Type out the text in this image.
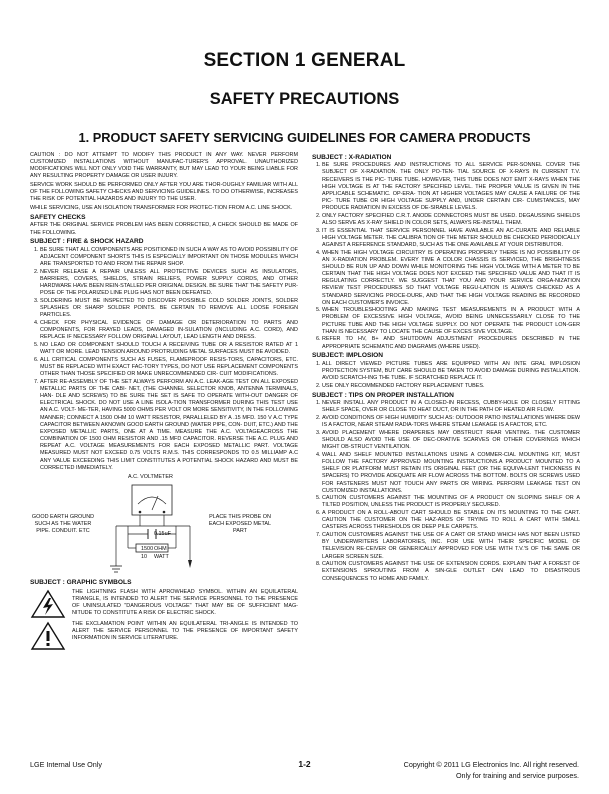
SECTION 1 GENERAL
SAFETY PRECAUTIONS
1. PRODUCT SAFETY SERVICING GUIDELINES FOR CAMERA PRODUCTS

CAUTION : DO NOT ATTEMPT TO MODIFY THIS PRODUCT IN ANY WAY. NEVER PERFORM CUSTOMIZED INSTALLATIONS WITHOUT MANUFAC-TURER'S APPROVAL. UNAUTHORIZED MODIFICATIONS WILL NOT ONLY VOID THE WARRANTY, BUT MAY LEAD TO YOUR BEING LIABLE FOR ANY RESULTING PROPERTY DAMAGE OR USER INJURY.

SERVICE WORK SHOULD BE PERFORMED ONLY AFTER YOU ARE THOR-OUGHLY FAMILIAR WITH ALL OF THE FOLLOWING SAFETY CHECKS AND SERVICING GUIDELINES. TO DO OTHERWISE, INCREASES THE RISK OF POTENTIAL HAZARDS AND INJURY TO THE USER.

WHILE SERVICING, USE AN ISOLATION TRANSFORMER FOR PROTEC-TION FROM A.C. LINE SHOCK.

SAFETY CHECKS

AFTER THE ORIGINAL SERVICE PROBLEM HAS BEEN CORRECTED, A CHECK SHOULD BE MADE OF THE FOLLOWING.

SUBJECT : FIRE & SHOCK HAZARD
1. BE SURE THAT ALL COMPONENTS ARE POSITIONED IN SUCH A WAY AS TO AVOID POSSIBILITY OF ADJACENT COMPONENT SHORTS THIS IS ESPECIALLY IMPORTANT ON THOSE MODULES WHICH ARE TRANSPORTED TO AND FROM THE REPAIR SHOP.
2. NEVER RELEASE A REPAIR UNLESS ALL PROTECTIVE DEVICES SUCH AS INSULATORS, BARRIERS, COVERS, SHIELDS, STRAIN RELIEFS, POWER SUPPLY CORDS, AND OTHER HARDWARE HAVE BEEN REIN-STALLED PER ORIGINAL DESIGN. BE SURE THAT THE SAFETY PUR-POSE OF THE POLARIZED LINE PLUG HAS NOT BEEN DEFEATED.
3. SOLDERING MUST BE INSPECTED TO DISCOVER POSSIBLE COLD SOLDER JOINTS, SOLDER SPLASHES OR SHARP SOLDER POINTS. BE CERTAIN TO REMOVE ALL LOOSE FOREIGN PARTICLES.
4. CHECK FOR PHYSICAL EVIDENCE OF DAMAGE OR DETERIORATION TO PARTS AND COMPONENTS, FOR FRAYED LEADS, DAMAGED IN-SULATION (INCLUDING A.C. CORD), AND REPLACE IF NECESSARY FOLLOW ORIGINAL LAYOUT, LEAD LENGTH AND DRESS.
5. NO LEAD OR COMPONENT SHOULD TOUCH A RECEIVING TUBE OR A RESISTOR RATED AT 1 WATT OR MORE. LEAD TENSION AROUND PROTRUDING METAL SURFACES MUST BE AVOIDED.
6. ALL CRITICAL COMPONENTS SUCH AS FUSES, FLAMEPROOF RESIS-TORS, CAPACITORS, ETC. MUST BE REPLACED WITH EXACT FAC-TORY TYPES, DO NOT USE REPLACEMENT COMPONENTS OTHER THAN THOSE SPECIFIED OR MAKE UNRECOMMENDED CIR- CUIT MODIFICATIONS.
7. AFTER RE-ASSEMBLY OF THE SET ALWAYS PERFORM AN A.C. LEAK-AGE TEST ON ALL EXPOSED METALLIC PARTS OF THE CABI- NET, (THE CHANNEL SELECTOR KNOB, ANTENNA TERMINALS, HAN- DLE AND SCREWS) TO BE SURE THE SET IS SAFE TO OPERATE WITH-OUT DANGER OF ELECTRICAL SHOCK. DO NOT USE A LINE ISOLA-TION TRANSFORMER DURING THIS TEST USE AN A.C. VOLT- ME-TER, HAVING 5000 OHMS PER VOLT OR MORE SENSITIVITY, IN THE FOLLOWING MANNER; CONNECT A 1500 OHM 10 WATT RESISTOR, PARALLELED BY A .15 MFD. 150 V A.C TYPE CAPACITOR BETWEEN AKNOWN GOOD EARTH GROUND (WATER PIPE, CON- DUIT, ETC.) AND THE EXPOSED METALLIC PARTS, ONE AT A TIME. MEASURE THE A.C. VOLTAGEACROSS THE COMBINATION OF 1500 OHM RESISTOR AND .15 MFD CAPACITOR. REVERSE THE A.C. PLUG AND REPEAT A.C. VOLTAGE MEASUREMENTS FOR EACH EXPOSED METALLIC PART. VOLTAGE MEASURED MUST NOT EXCEED 0.75 VOLTS R.M.S. THIS CORRESPONDS TO 0.5 MILLIAMP A.C ANY VALUE EXCEEDING THIS LIMIT CONSTITUTES A POTENTIAL SHOCK HAZARD AND MUST BE CORRECTED IMMEDIATELY.
A.C. VOLTMETER
GOOD EARTH GROUND SUCH AS THE WATER PIPE. CONDUIT. ETC
PLACE THIS PROBE ON EACH EXPOSED METAL PART
0.15uF
1500 OHM
10 WATT
SUBJECT : GRAPHIC SYMBOLS
THE LIGHTNING FLASH WITH APROWHEAD SYMBOL. WITHIN AN EQUILATERAL TRIANGLE, IS INTENDED TO ALERT THE SERVICE PERSONNEL TO THE PRESENCE OF UNINSULATED "DANGEROUS VOLTAGE" THAT MAY BE OF SUFFICIENT MAG-NITUDE TO CONSTITUTE A RISK OF ELECTRIC SHOCK.
THE EXCLAMATION POINT WITHIN AN EQUILATERAL TRI-ANGLE IS INTENDED TO ALERT THE SERVICE PERSONNEL TO THE PRESENCE OF IMPORTANT SAFETY INFORMATION IN SERVICE LITERATURE.
SUBJECT : X-RADIATION
1. BE SURE PROCEDURES AND INSTRUCTIONS TO ALL SERVICE PER-SONNEL COVER THE SUBJECT OF X-RADIATION. THE ONLY PO-TEN- TIAL SOURCE OF X-RAYS IN CURRENT T.V. RECEIVERS IS THE PIC- TURE TUBE. HOWEVER, THIS TUBE DOES NOT EMIT X-RAYS WHEN THE HIGH VOLTAGE IS AT THE FACTORY SPECIFIED LEVEL. THE PROPER VALUE IS GIVEN IN THE APPLICABLE SCHEMATIC. OP-ERA- TION AT HIGHER VOLTAGES MAY CAUSE A FAILURE OF THE PIC- TURE TUBE OR HIGH VOLTAGE SUPPLY AND, UNDER CERTAIN CIR- CUMSTANCES, MAY PRODUCE RADIATION IN EXCESS OF DE-SIRABLE LEVELS.
2. ONLY FACTORY SPECIFIED C.R.T. ANODE CONNECTORS MUST BE USED. DEGAUSSING SHIELDS ALSO SERVE AS X-RAY SHIELD IN COLOR SETS, ALWAYS RE-INSTALL THEM.
3. IT IS ESSENTIAL THAT SERVICE PERSONNEL HAVE AVAILABLE AN AC-CURATE AND RELIABLE HIGH VOLTAGE METER. THE CALIBRA TION OF THE METER SHOULD BE CHECKED PERIODICALLY AGAINST A REFERENCE STANDARD, SUCH AS THE ONE AVAILABLE AT YOUR DISTRIBUTOR.
4. WHEN THE HIGH VOLTAGE CIRCUITRY IS OPERATING PROPERLY THERE IS NO POSSIBILITY OF AN X-RADIATION PROBLEM. EVERY TIME A COLOR CHASSIS IS SERVICED, THE BRIGHTNESS SHOULD BE RUN UP AND DOWN WHILE MONITORING THE HIGH VOLTAGE WITH A METER TO BE CERTAIN THAT THE HIGH VOLTAGE DOES NOT EXCEED THE SPECIFIED VALUE AND THAT IT IS REGULATING CORRECTLY. WE SUGGEST THAT YOU AND YOUR SERVICE ORGA-NIZATION REVIEW TEST PROCEDURES SO THAT VOLTAGE REGU-LATION IS ALWAYS CHECKED AS A STANDARD SERVICING PROCE-DURE, AND THAT THE HIGH VOLTAGE READING BE RECORDED ON EACH CUSTOMER'S INVOICE.
5. WHEN TROUBLESHOOTING AND MAKING TEST MEASUREMENTS IN A PRODUCT WITH A PROBLEM OF EXCESSIVE HIGH VOLTAGE, AVOID BEING UNNECESSARILY CLOSE TO THE PICTURE TUBE AND THE HIGH VOLTAGE SUPPLY. DO NOT OPERATE THE PRODUCT LON-GER THAN IS NECESSARY TO LOCATE THE CAUSE OF EXCES SIVE VOLTAGE.
6. REFER TO HV, B+ AND SHUTDOWN ADJUSTMENT PROCEDURES DESCRIBED IN THE APPROPRIATE SCHEMATIC AND DIAGRAMS (WHERE USED).
SUBJECT: IMPLOSION
1. ALL DIRECT VIEWED PICTURE TUBES ARE EQUIPPED WITH AN INTE GRAL IMPLOSION PROTECTION SYSTEM, BUT CARE SHOULD BE TAKEN TO AVOID DAMAGE DURING INSTALLATION. AVOID SCRATCH-ING THE TUBE. IF SCRATCHED REPLACE IT.
2. USE ONLY RECOMMENDED FACTORY REPLACEMENT TUBES.
SUBJECT : TIPS ON PROPER INSTALLATION
1. NEVER INSTALL ANY PRODUCT IN A CLOSED-IN RECESS, CUBBY-HOLE OR CLOSELY FITTING SHELF SPACE, OVER OR CLOSE TO HEAT DUCT, OR IN THE PATH OF HEATED AIR FLOW.
2. AVOID CONDITIONS OF HIGH HUMIDITY SUCH AS: OUTDOOR PATIO INSTALLATIONS WHERE DEW IS A FACTOR, NEAR STEAM RADIA-TORS WHERE STEAM LEAKAGE IS A FACTOR, ETC.
3. AVOID PLACEMENT WHERE DRAPERIES MAY OBSTRUCT REAR VENTING. THE CUSTOMER SHOULD ALSO AVOID THE USE OF DEC-ORATIVE SCARVES OR OTHER COVERINGS WHICH MIGHT OB-STRUCT VENTILATION.
4. WALL AND SHELF MOUNTED INSTALLATIONS USING A COMMER-CIAL MOUNTING KIT, MUST FOLLOW THE FACTORY APPROVED MOUNTING INSTRUCTIONS.A PRODUCT MOUNTED TO A SHELF OR PLATFORM MUST RETAIN ITS ORIGINAL FEET (OR THE EQUIVA-LENT THICKNESS IN SPACERS) TO PROVIDE ADEQUATE AIR FLOW ACROSS THE BOTTOM. BOLTS OR SCREWS USED FOR FASTENERS MUST NOT TOUCH ANY PARTS OR WIRING. PERFORM LEAKAGE TEST ON CUSTOMIZED INSTALLATIONS.
5. CAUTION CUSTOMERS AGAINST THE MOUNTING OF A PRODUCT ON SLOPING SHELF OR A TILTED POSITION, UNLESS THE PRODUCT IS PROPERLY SECURED.
6. A PRODUCT ON A ROLL-ABOUT CART SHOULD BE STABLE ON ITS MOUNTING TO THE CART. CAUTION THE CUSTOMER ON THE HAZ-ARDS OF TRYING TO ROLL A CART WITH SMALL CASTERS ACROSS THRESHOLDS OR DEEP PILE CARPETS.
7. CAUTION CUSTOMERS AGAINST THE USE OF A CART OR STAND WHICH HAS NOT BEEN LISTED BY UNDERWRITERS LABORATORIES, INC. FOR USE WITH THEIR SPECIFIC MODEL OF TELEVISION RE-CEIVER OR GENERICALLY APPROVED FOR USE WITH T.V.'S OF THE SAME OR LARGER SCREEN SIZE.
8. CAUTION CUSTOMERS AGAINST THE USE OF EXTENSION CORDS. EXPLAIN THAT A FOREST OF EXTENSIONS SPROUTING FROM A SIN-GLE OUTLET CAN LEAD TO DISASTROUS CONSEQUENCES TO HOME AND FAMILY.
LGE Internal Use Only	1-2	Copyright © 2011 LG Electronics Inc. All right reserved.
Only for training and service purposes.
